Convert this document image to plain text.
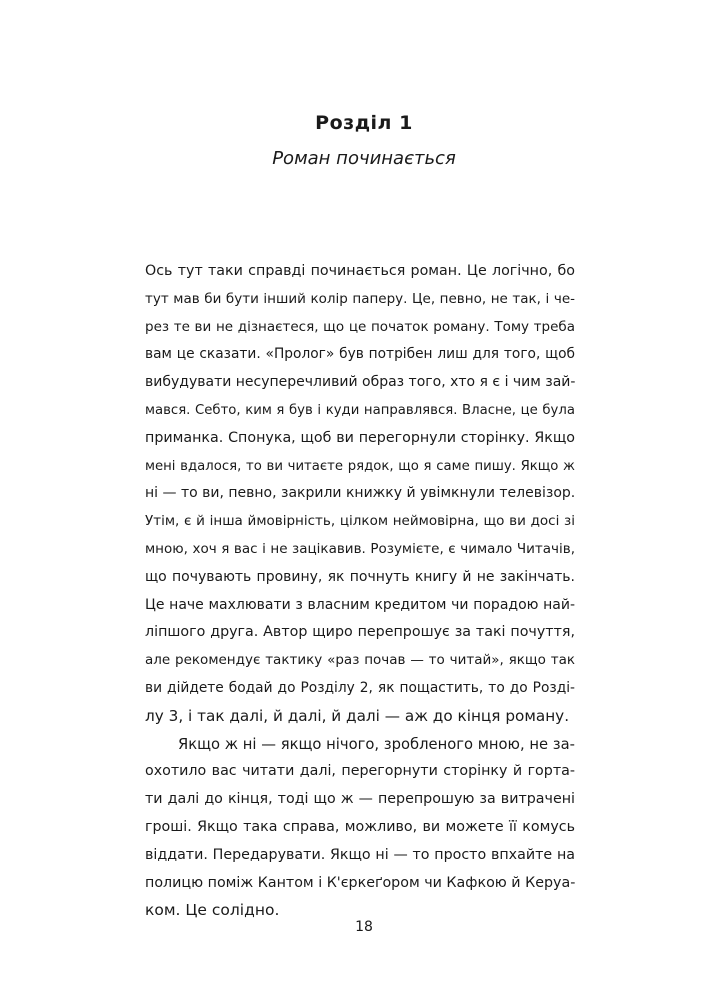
Розділ 1
Роман починається
Ось тут таки справді починається роман. Це логічно, бо
тут мав би бути інший колір паперу. Це, певно, не так, і че-
рез те ви не дізнаєтеся, що це початок роману. Тому треба
вам це сказати. «Пролог» був потрібен лиш для того, щоб
вибудувати несуперечливий образ того, хто я є і чим зай-
мався. Себто, ким я був і куди направлявся. Власне, це була
приманка. Спонука, щоб ви перегорнули сторінку. Якщо
мені вдалося, то ви читаєте рядок, що я саме пишу. Якщо ж
ні — то ви, певно, закрили книжку й увімкнули телевізор.
Утім, є й інша ймовірність, цілком неймовірна, що ви досі зі
мною, хоч я вас і не зацікавив. Розумієте, є чимало Читачів,
що почувають провину, як почнуть книгу й не закінчать.
Це наче махлювати з власним кредитом чи порадою най-
ліпшого друга. Автор щиро перепрошує за такі почуття,
але рекомендує тактику «раз почав — то читай», якщо так
ви дійдете бодай до Розділу 2, як пощастить, то до Розді-
лу 3, і так далі, й далі, й далі — аж до кінця роману.
Якщо ж ні — якщо нічого, зробленого мною, не за-
охотило вас читати далі, перегорнути сторінку й горта-
ти далі до кінця, тоді що ж — перепрошую за витрачені
гроші. Якщо така справа, можливо, ви можете її комусь
віддати. Передарувати. Якщо ні — то просто впхайте на
полицю поміж Кантом і К'єркеґором чи Кафкою й Керуа-
ком. Це солідно.
18
